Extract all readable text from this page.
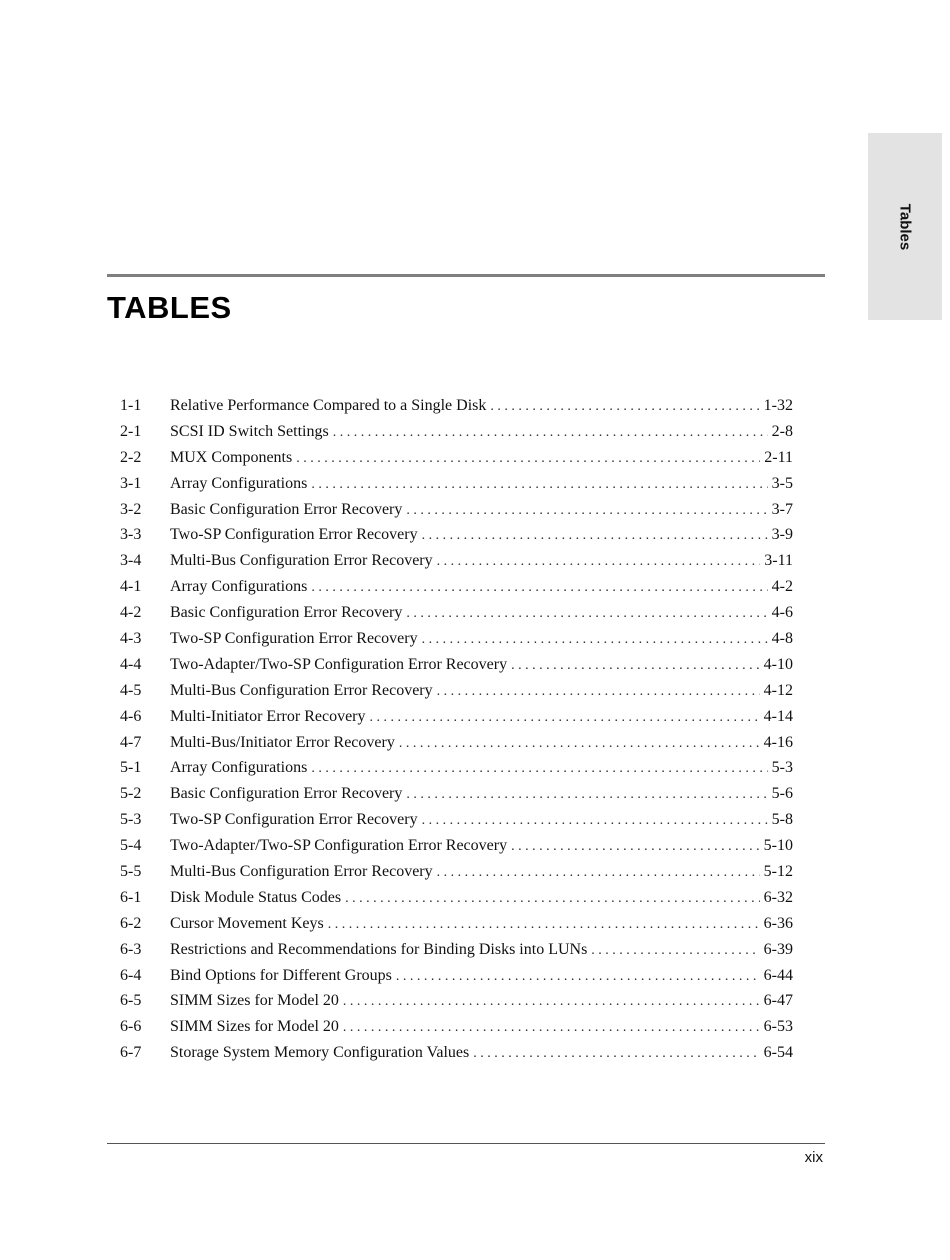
Tables
TABLES
1-1	Relative Performance Compared to a Single Disk . . .	1-32
2-1	SCSI ID Switch Settings . . .	2-8
2-2	MUX Components . . .	2-11
3-1	Array Configurations . . .	3-5
3-2	Basic Configuration Error Recovery . . .	3-7
3-3	Two-SP Configuration Error Recovery . . .	3-9
3-4	Multi-Bus Configuration Error Recovery . . .	3-11
4-1	Array Configurations . . .	4-2
4-2	Basic Configuration Error Recovery . . .	4-6
4-3	Two-SP Configuration Error Recovery . . .	4-8
4-4	Two-Adapter/Two-SP Configuration Error Recovery . . .	4-10
4-5	Multi-Bus Configuration Error Recovery . . .	4-12
4-6	Multi-Initiator Error Recovery . . .	4-14
4-7	Multi-Bus/Initiator Error Recovery . . .	4-16
5-1	Array Configurations . . .	5-3
5-2	Basic Configuration Error Recovery . . .	5-6
5-3	Two-SP Configuration Error Recovery . . .	5-8
5-4	Two-Adapter/Two-SP Configuration Error Recovery . . .	5-10
5-5	Multi-Bus Configuration Error Recovery . . .	5-12
6-1	Disk Module Status Codes . . .	6-32
6-2	Cursor Movement Keys . . .	6-36
6-3	Restrictions and Recommendations for Binding Disks into LUNs . . .	6-39
6-4	Bind Options for Different Groups . . .	6-44
6-5	SIMM Sizes for Model 20 . . .	6-47
6-6	SIMM Sizes for Model 20 . . .	6-53
6-7	Storage System Memory Configuration Values . . .	6-54
xix
